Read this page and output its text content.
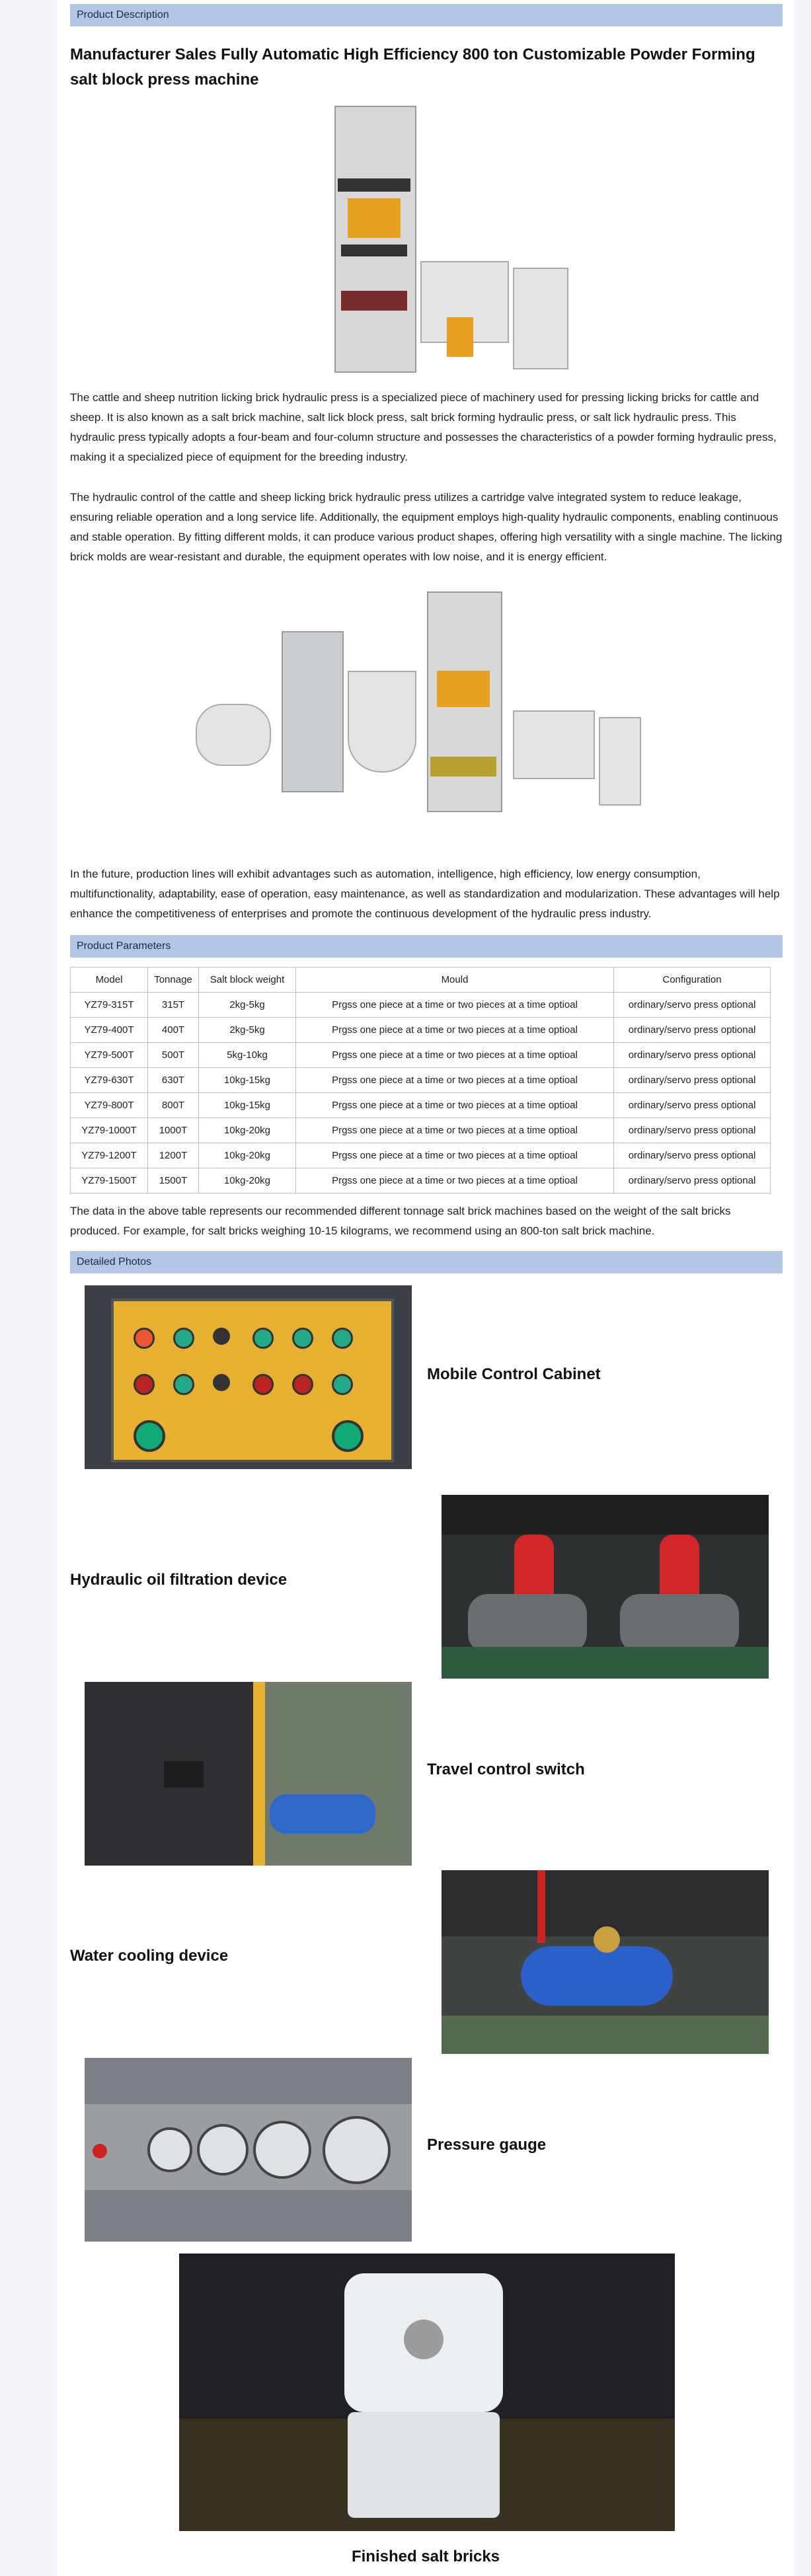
Product Description
Manufacturer Sales Fully Automatic High Efficiency 800 ton Customizable Powder Forming salt block press machine

The cattle and sheep nutrition licking brick hydraulic press is a specialized piece of machinery used for pressing licking bricks for cattle and sheep. It is also known as a salt brick machine, salt lick block press, salt brick forming hydraulic press, or salt lick hydraulic press. This hydraulic press typically adopts a four-beam and four-column structure and possesses the characteristics of a powder forming hydraulic press, making it a specialized piece of equipment for the breeding industry.

The hydraulic control of the cattle and sheep licking brick hydraulic press utilizes a cartridge valve integrated system to reduce leakage, ensuring reliable operation and a long service life. Additionally, the equipment employs high-quality hydraulic components, enabling continuous and stable operation. By fitting different molds, it can produce various product shapes, offering high versatility with a single machine. The licking brick molds are wear-resistant and durable, the equipment operates with low noise, and it is energy efficient.

In the future, production lines will exhibit advantages such as automation, intelligence, high efficiency, low energy consumption, multifunctionality, adaptability, ease of operation, easy maintenance, as well as standardization and modularization. These advantages will help enhance the competitiveness of enterprises and promote the continuous development of the hydraulic press industry.

Product Parameters
Model	Tonnage	Salt block weight	Mould	Configuration
YZ79-315T	315T	2kg-5kg	Prgss one piece at a time or two pieces at a time optioal	ordinary/servo press optional
YZ79-400T	400T	2kg-5kg	Prgss one piece at a time or two pieces at a time optioal	ordinary/servo press optional
YZ79-500T	500T	5kg-10kg	Prgss one piece at a time or two pieces at a time optioal	ordinary/servo press optional
YZ79-630T	630T	10kg-15kg	Prgss one piece at a time or two pieces at a time optioal	ordinary/servo press optional
YZ79-800T	800T	10kg-15kg	Prgss one piece at a time or two pieces at a time optioal	ordinary/servo press optional
YZ79-1000T	1000T	10kg-20kg	Prgss one piece at a time or two pieces at a time optioal	ordinary/servo press optional
YZ79-1200T	1200T	10kg-20kg	Prgss one piece at a time or two pieces at a time optioal	ordinary/servo press optional
YZ79-1500T	1500T	10kg-20kg	Prgss one piece at a time or two pieces at a time optioal	ordinary/servo press optional

The data in the above table represents our recommended different tonnage salt brick machines based on the weight of the salt bricks produced. For example, for salt bricks weighing 10-15 kilograms, we recommend using an 800-ton salt brick machine.

Detailed Photos
Mobile Control Cabinet
Hydraulic oil filtration device
Travel control switch
Water cooling device
Pressure gauge
Finished salt bricks
